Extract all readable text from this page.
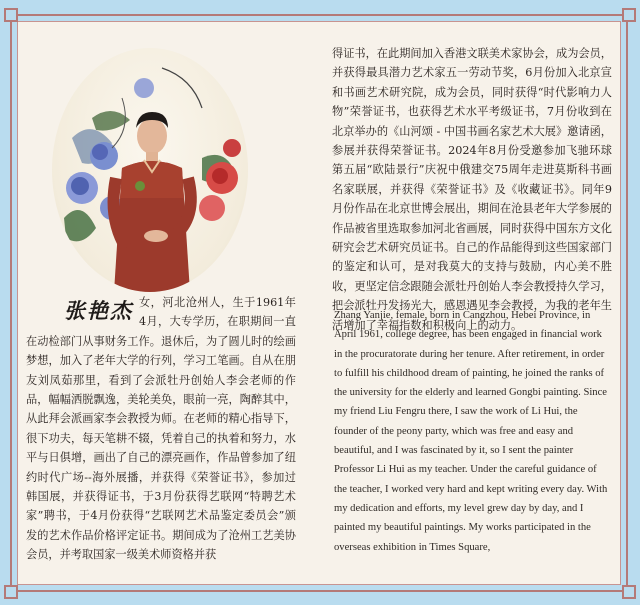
张艳杰 女，河北沧州人，生于1961年4月，大专学历，在职期间一直在动检部门从事财务工作。退休后，为了圆儿时的绘画梦想，加入了老年大学的行列，学习工笔画。自从在朋友刘凤茹那里，看到了会派牡丹创始人李会老师的作品，幅幅洒脱飘逸，美轮美奂，眼前一亮，陶醉其中，从此拜会派画家李会教授为师。在老师的精心指导下，很下功夫，每天笔耕不辍，凭着自己的执着和努力，水平与日俱增，画出了自己的漂亮画作，作品曾参加了纽约时代广场--海外展播，并获得《荣誉证书》，参加过韩国展，并获得证书，于3月份获得艺联网“特聘艺术家”聘书，于4月份获得“艺联网艺术品鉴定委员会”颁发的艺术作品价格评定证书。期间成为了沧州工艺美协会员，并考取国家一级美术师资格并获

得证书，在此期间加入香港文联美术家协会，成为会员，并获得最具潜力艺术家五一劳动节奖，6月份加入北京宣和书画艺术研究院，成为会员，同时获得“时代影响力人物”荣誉证书，也获得艺术水平考级证书，7月份收到在北京举办的《山河颂 - 中国书画名家艺术大展》邀请函，参展并获得荣誉证书。2024年8月份受邀参加飞驰环球第五届“欧陆景行”庆祝中俄建交75周年走进莫斯科书画名家联展，并获得《荣誉证书》及《收藏证书》。同年9月份作品在北京世博会展出，期间在沧县老年大学参展的作品被省里选取参加河北省画展，同时获得中国东方文化研究会艺术研究员证书。自己的作品能得到这些国家部门的鉴定和认可，是对我莫大的支持与鼓励，内心美不胜收，更坚定信念跟随会派牡丹创始人李会教授持久学习，把会派牡丹发扬光大，感恩遇见李会教授，为我的老年生活增加了幸福指数和积极向上的动力。

Zhang Yanjie, female, born in Cangzhou, Hebei Province, in April 1961, college degree, has been engaged in financial work in the procuratorate during her tenure. After retirement, in order to fulfill his childhood dream of painting, he joined the ranks of the university for the elderly and learned Gongbi painting. Since my friend Liu Fengru there, I saw the work of Li Hui, the founder of the peony party, which was free and easy and beautiful, and I was fascinated by it, so I sent the painter Professor Li Hui as my teacher. Under the careful guidance of the teacher, I worked very hard and kept writing every day. With my dedication and efforts, my level grew day by day, and I painted my beautiful paintings. My works participated in the overseas exhibition in Times Square,
